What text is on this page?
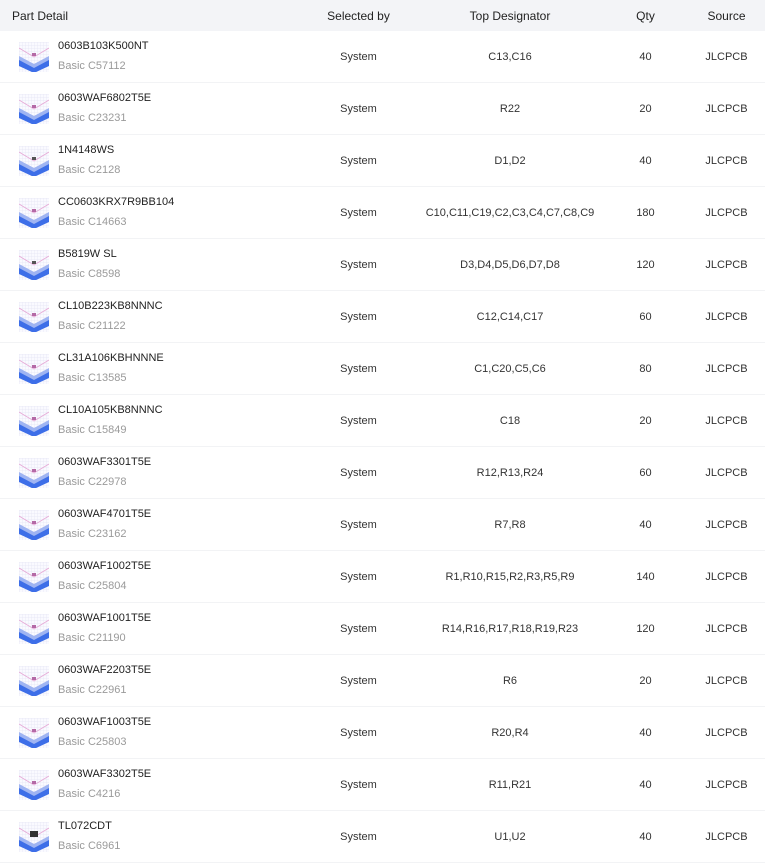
Part Detail	Selected by	Top Designator	Qty	Source

0603B103K500NT
Basic C57112	System	C13,C16	40	JLCPCB

0603WAF6802T5E
Basic C23231	System	R22	20	JLCPCB

1N4148WS
Basic C2128	System	D1,D2	40	JLCPCB

CC0603KRX7R9BB104
Basic C14663	System	C10,C11,C19,C2,C3,C4,C7,C8,C9	180	JLCPCB

B5819W SL
Basic C8598	System	D3,D4,D5,D6,D7,D8	120	JLCPCB

CL10B223KB8NNNC
Basic C21122	System	C12,C14,C17	60	JLCPCB

CL31A106KBHNNNE
Basic C13585	System	C1,C20,C5,C6	80	JLCPCB

CL10A105KB8NNNC
Basic C15849	System	C18	20	JLCPCB

0603WAF3301T5E
Basic C22978	System	R12,R13,R24	60	JLCPCB

0603WAF4701T5E
Basic C23162	System	R7,R8	40	JLCPCB

0603WAF1002T5E
Basic C25804	System	R1,R10,R15,R2,R3,R5,R9	140	JLCPCB

0603WAF1001T5E
Basic C21190	System	R14,R16,R17,R18,R19,R23	120	JLCPCB

0603WAF2203T5E
Basic C22961	System	R6	20	JLCPCB

0603WAF1003T5E
Basic C25803	System	R20,R4	40	JLCPCB

0603WAF3302T5E
Basic C4216	System	R11,R21	40	JLCPCB

TL072CDT
Basic C6961	System	U1,U2	40	JLCPCB
